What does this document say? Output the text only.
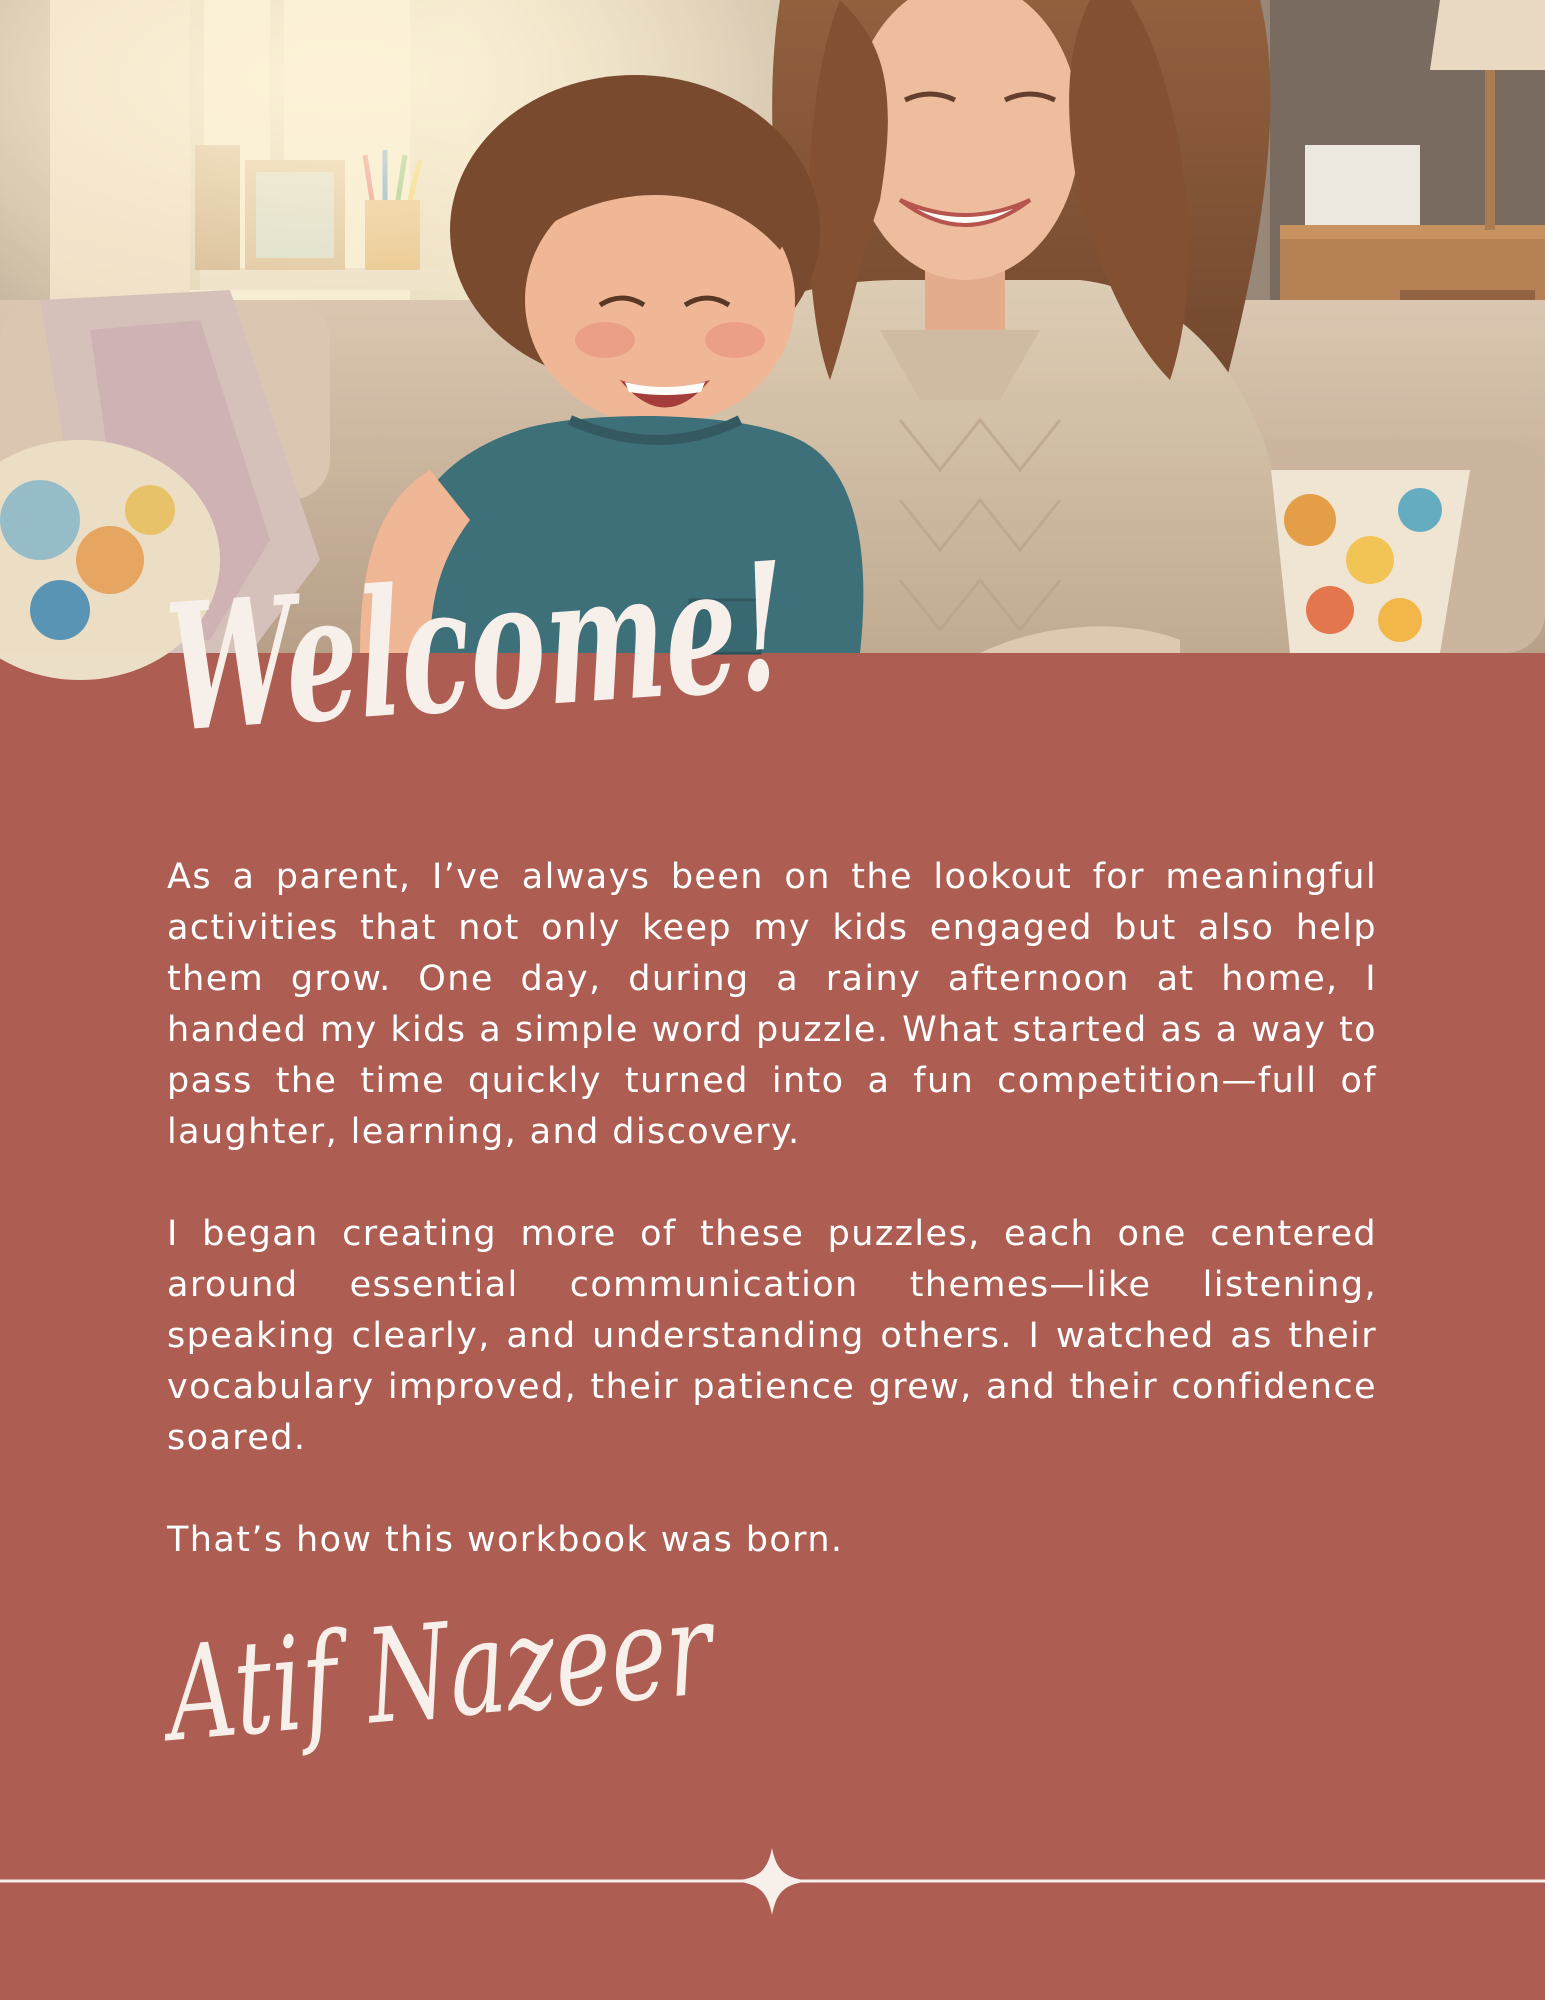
Welcome!

As a parent, I’ve always been on the lookout for meaningful activities that not only keep my kids engaged but also help them grow. One day, during a rainy afternoon at home, I handed my kids a simple word puzzle. What started as a way to pass the time quickly turned into a fun competition—full of laughter, learning, and discovery.

I began creating more of these puzzles, each one centered around essential communication themes—like listening, speaking clearly, and understanding others. I watched as their vocabulary improved, their patience grew, and their confidence soared.

That’s how this workbook was born.

Atif Nazeer
